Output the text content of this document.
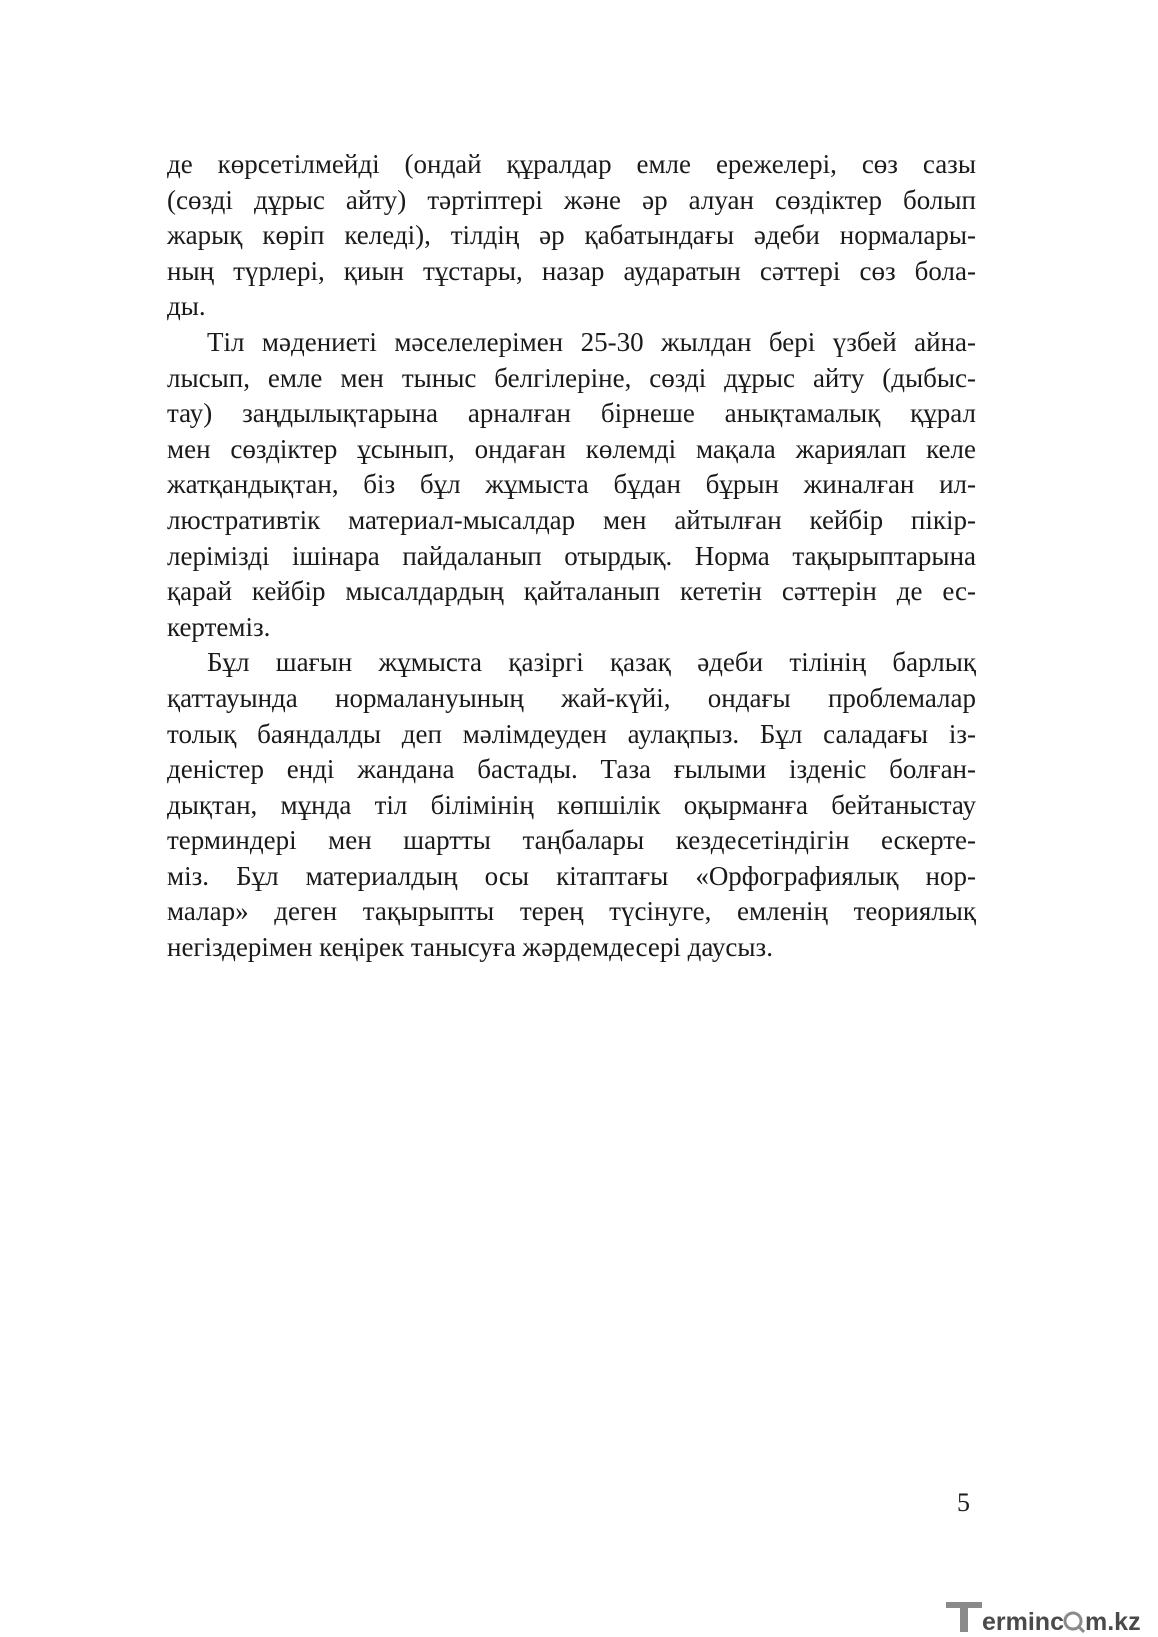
де көрсетілмейді (ондай құралдар емле ережелері, сөз сазы
(сөзді дұрыс айту) тәртіптері және әр алуан сөздіктер болып
жарық көріп келеді), тілдің әр қабатындағы әдеби нормалары-
ның түрлері, қиын тұстары, назар аударатын сәттері сөз бола-
ды.

Тіл мәдениеті мәселелерімен 25-30 жылдан бері үзбей айна-
лысып, емле мен тыныс белгілеріне, сөзді дұрыс айту (дыбыс-
тау) заңдылықтарына арналған бірнеше анықтамалық құрал
мен сөздіктер ұсынып, ондаған көлемді мақала жариялап келе
жатқандықтан, біз бұл жұмыста бұдан бұрын жиналған ил-
люстративтік материал-мысалдар мен айтылған кейбір пікір-
лерімізді ішінара пайдаланып отырдық. Норма тақырыптарына
қарай кейбір мысалдардың қайталанып кететін сәттерін де ес-
кертеміз.

Бұл шағын жұмыста қазіргі қазақ әдеби тілінің барлық
қаттауында нормалануының жай-күйі, ондағы проблемалар
толық баяндалды деп мәлімдеуден аулақпыз. Бұл саладағы із-
деністер енді жандана бастады. Таза ғылыми ізденіс болған-
дықтан, мұнда тіл білімінің көпшілік оқырманға бейтаныстау
терминдері мен шартты таңбалары кездесетіндігін ескерте-
міз. Бұл материалдың осы кітаптағы «Орфографиялық нор-
малар» деген тақырыпты терең түсінуге, емленің теориялық
негіздерімен кеңірек танысуға жәрдемдесері даусыз.

5
erminc m.kz
